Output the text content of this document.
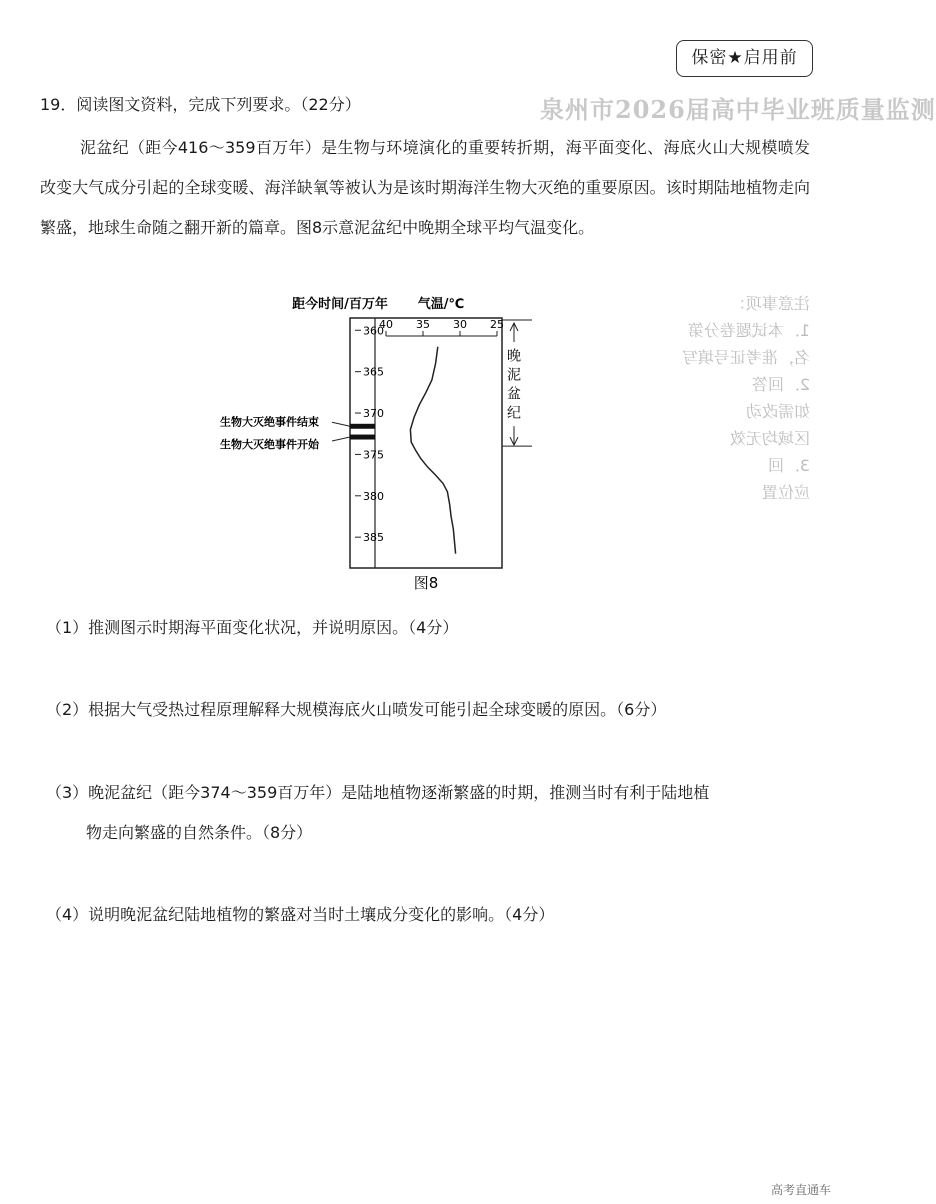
保密★启用前
泉州市2026届高中毕业班质量监测
注意事项：
1．本试题卷分第
名，准考证号填写
2．回答
如需改动
区域均无效
3．回
应位置
19．阅读图文资料，完成下列要求。（22分）
泥盆纪（距今416～359百万年）是生物与环境演化的重要转折期，海平面变化、海底火山大规模喷发改变大气成分引起的全球变暖、海洋缺氧等被认为是该时期海洋生物大灭绝的重要原因。该时期陆地植物走向繁盛，地球生命随之翻开新的篇章。图8示意泥盆纪中晚期全球平均气温变化。
距今时间/百万年 气温/℃
360
365
370
375
380
385
40 35 30 25
生物大灭绝事件结束
生物大灭绝事件开始
晚
泥
盆
纪
图8
（1）推测图示时期海平面变化状况，并说明原因。（4分）
（2）根据大气受热过程原理解释大规模海底火山喷发可能引起全球变暖的原因。（6分）
（3）晚泥盆纪（距今374～359百万年）是陆地植物逐渐繁盛的时期，推测当时有利于陆地植
物走向繁盛的自然条件。（8分）
（4）说明晚泥盆纪陆地植物的繁盛对当时土壤成分变化的影响。（4分）
高考直通车
